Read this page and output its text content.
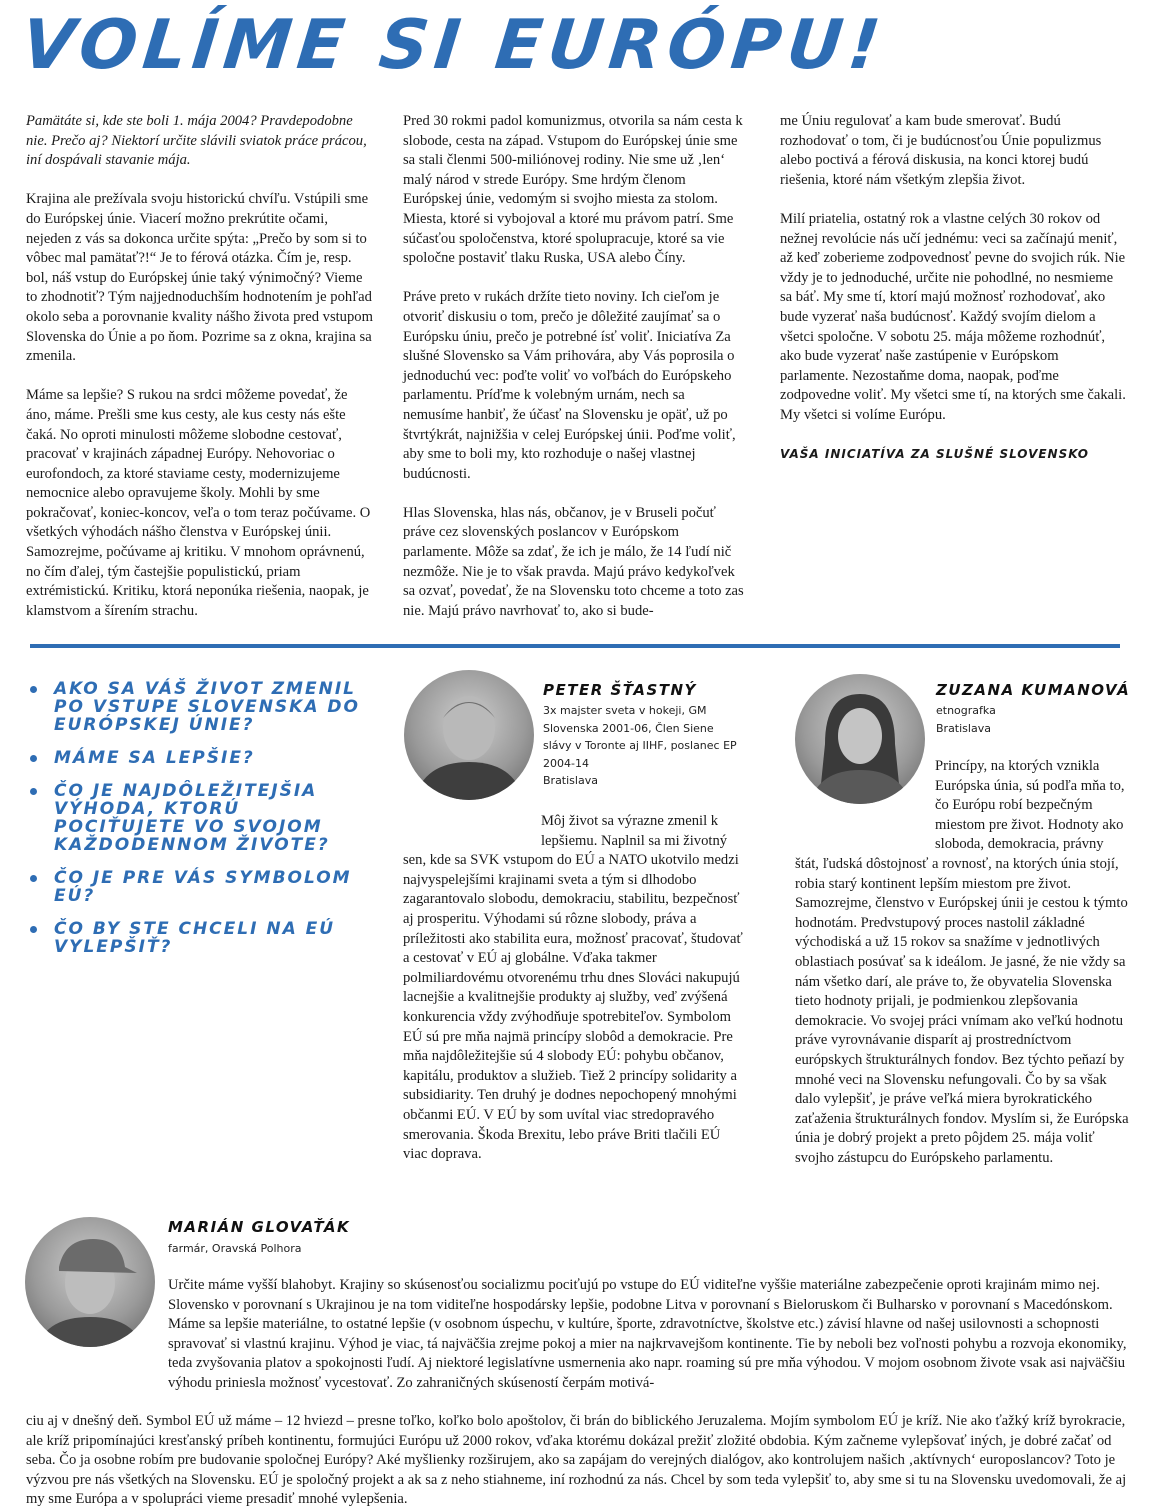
VOLÍME SI EURÓPU!

Pamätáte si, kde ste boli 1. mája 2004? Pravdepodobne nie. Prečo aj? Niektorí určite slávili sviatok práce prácou, iní dospávali stavanie mája.

Krajina ale prežívala svoju historickú chvíľu. Vstúpili sme do Európskej únie. Viacerí možno prekrútite očami, nejeden z vás sa dokonca určite spýta: „Prečo by som si to vôbec mal pamätať?!“ Je to férová otázka. Čím je, resp. bol, náš vstup do Európskej únie taký výnimočný? Vieme to zhodnotiť? Tým najjednoduchším hodnotením je pohľad okolo seba a porovnanie kvality nášho života pred vstupom Slovenska do Únie a po ňom. Pozrime sa z okna, krajina sa zmenila.

Máme sa lepšie? S rukou na srdci môžeme povedať, že áno, máme. Prešli sme kus cesty, ale kus cesty nás ešte čaká. No oproti minulosti môžeme slobodne cestovať, pracovať v krajinách západnej Európy. Nehovoriac o eurofondoch, za ktoré staviame cesty, modernizujeme nemocnice alebo opravujeme školy. Mohli by sme pokračovať, koniec-koncov, veľa o tom teraz počúvame. O všetkých výhodách nášho členstva v Európskej únii. Samozrejme, počúvame aj kritiku. V mnohom oprávnenú, no čím ďalej, tým častejšie populistickú, priam extrémistickú. Kritiku, ktorá neponúka riešenia, naopak, je klamstvom a šírením strachu.

Pred 30 rokmi padol komunizmus, otvorila sa nám cesta k slobode, cesta na západ. Vstupom do Európskej únie sme sa stali členmi 500-miliónovej rodiny. Nie sme už ‚len‘ malý národ v strede Európy. Sme hrdým členom Európskej únie, vedomým si svojho miesta za stolom. Miesta, ktoré si vybojoval a ktoré mu právom patrí. Sme súčasťou spoločenstva, ktoré spolupracuje, ktoré sa vie spoločne postaviť tlaku Ruska, USA alebo Číny.

Práve preto v rukách držíte tieto noviny. Ich cieľom je otvoriť diskusiu o tom, prečo je dôležité zaujímať sa o Európsku úniu, prečo je potrebné ísť voliť. Iniciatíva Za slušné Slovensko sa Vám prihovára, aby Vás poprosila o jednoduchú vec: poďte voliť vo voľbách do Európskeho parlamentu. Príďme k volebným urnám, nech sa nemusíme hanbiť, že účasť na Slovensku je opäť, už po štvrtýkrát, najnižšia v celej Európskej únii. Poďme voliť, aby sme to boli my, kto rozhoduje o našej vlastnej budúcnosti.

Hlas Slovenska, hlas nás, občanov, je v Bruseli počuť práve cez slovenských poslancov v Európskom parlamente. Môže sa zdať, že ich je málo, že 14 ľudí nič nezmôže. Nie je to však pravda. Majú právo kedykoľvek sa ozvať, povedať, že na Slovensku toto chceme a toto zas nie. Majú právo navrhovať to, ako si bude-

me Úniu regulovať a kam bude smerovať. Budú rozhodovať o tom, či je budúcnosťou Únie populizmus alebo poctivá a férová diskusia, na konci ktorej budú riešenia, ktoré nám všetkým zlepšia život.

Milí priatelia, ostatný rok a vlastne celých 30 rokov od nežnej revolúcie nás učí jednému: veci sa začínajú meniť, až keď zoberieme zodpovednosť pevne do svojich rúk. Nie vždy je to jednoduché, určite nie pohodlné, no nesmieme sa báť. My sme tí, ktorí majú možnosť rozhodovať, ako bude vyzerať naša budúcnosť. Každý svojím dielom a všetci spoločne. V sobotu 25. mája môžeme rozhodnúť, ako bude vyzerať naše zastúpenie v Európskom parlamente. Nezostaňme doma, naopak, poďme zodpovedne voliť. My všetci sme tí, na ktorých sme čakali. My všetci si volíme Európu.

VAŠA INICIATÍVA ZA SLUŠNÉ SLOVENSKO
AKO SA VÁŠ ŽIVOT ZMENIL PO VSTUPE SLOVENSKA DO EURÓPSKEJ ÚNIE?
MÁME SA LEPŠIE?
ČO JE NAJDÔLEŽITEJŠIA VÝHODA, KTORÚ POCIŤUJETE VO SVOJOM KAŽDODENNOM ŽIVOTE?
ČO JE PRE VÁS SYMBOLOM EÚ?
ČO BY STE CHCELI NA EÚ VYLEPŠIŤ?

PETER ŠŤASTNÝ

3x majster sveta v hokeji, GM

Slovenska 2001-06, Člen Siene

slávy v Toronte aj IIHF, poslanec EP

2004-14

Bratislava

Môj život sa výrazne zmenil k lepšiemu. Naplnil sa mi životný sen, kde sa SVK vstupom do EÚ a NATO ukotvilo medzi najvyspelejšími krajinami sveta a tým si dlhodobo zagarantovalo slobodu, demokraciu, stabilitu, bezpečnosť aj prosperitu. Výhodami sú rôzne slobody, práva a príležitosti ako stabilita eura, možnosť pracovať, študovať a cestovať v EÚ aj globálne. Vďaka takmer polmiliardovému otvorenému trhu dnes Slováci nakupujú lacnejšie a kvalitnejšie produkty aj služby, veď zvýšená konkurencia vždy zvýhodňuje spotrebiteľov. Symbolom EÚ sú pre mňa najmä princípy slobôd a demokracie. Pre mňa najdôležitejšie sú 4 slobody EÚ: pohybu občanov, kapitálu, produktov a služieb. Tiež 2 princípy solidarity a subsidiarity. Ten druhý je dodnes nepochopený mnohými občanmi EÚ. V EÚ by som uvítal viac stredopravého smerovania. Škoda Brexitu, lebo práve Briti tlačili EÚ viac doprava.

ZUZANA KUMANOVÁ

etnografka

Bratislava

Princípy, na ktorých vznikla Európska únia, sú podľa mňa to, čo Európu robí bezpečným miestom pre život. Hodnoty ako sloboda, demokracia, právny štát, ľudská dôstojnosť a rovnosť, na ktorých únia stojí, robia starý kontinent lepším miestom pre život. Samozrejme, členstvo v Európskej únii je cestou k týmto hodnotám. Predvstupový proces nastolil základné východiská a už 15 rokov sa snažíme v jednotlivých oblastiach posúvať sa k ideálom. Je jasné, že nie vždy sa nám všetko darí, ale práve to, že obyvatelia Slovenska tieto hodnoty prijali, je podmienkou zlepšovania demokracie. Vo svojej práci vnímam ako veľkú hodnotu práve vyrovnávanie disparít aj prostredníctvom európskych štrukturálnych fondov. Bez týchto peňazí by mnohé veci na Slovensku nefungovali. Čo by sa však dalo vylepšiť, je práve veľká miera byrokratického zaťaženia štrukturálnych fondov. Myslím si, že Európska únia je dobrý projekt a preto pôjdem 25. mája voliť svojho zástupcu do Európskeho parlamentu.

MARIÁN GLOVAŤÁK

farmár, Oravská Polhora

Určite máme vyšší blahobyt. Krajiny so skúsenosťou socializmu pociťujú po vstupe do EÚ viditeľne vyššie materiálne zabezpečenie oproti krajinám mimo nej. Slovensko v porovnaní s Ukrajinou je na tom viditeľne hospodársky lepšie, podobne Litva v porovnaní s Bieloruskom či Bulharsko v porovnaní s Macedónskom. Máme sa lepšie materiálne, to ostatné lepšie (v osobnom úspechu, v kultúre, športe, zdravotníctve, školstve etc.) závisí hlavne od našej usilovnosti a schopnosti spravovať si vlastnú krajinu. Výhod je viac, tá najväčšia zrejme pokoj a mier na najkrvavejšom kontinente. Tie by neboli bez voľnosti pohybu a rozvoja ekonomiky, teda zvyšovania platov a spokojnosti ľudí. Aj niektoré legislatívne usmernenia ako napr. roaming sú pre mňa výhodou. V mojom osobnom živote vsak asi najväčšiu výhodu priniesla možnosť vycestovať. Zo zahraničných skúseností čerpám motivá-
ciu aj v dnešný deň. Symbol EÚ už máme – 12 hviezd – presne toľko, koľko bolo apoštolov, či brán do biblického Jeruzalema. Mojím symbolom EÚ je kríž. Nie ako ťažký kríž byrokracie, ale kríž pripomínajúci kresťanský príbeh kontinentu, formujúci Európu už 2000 rokov, vďaka ktorému dokázal prežiť zložité obdobia. Kým začneme vylepšovať iných, je dobré začať od seba. Čo ja osobne robím pre budovanie spoločnej Európy? Aké myšlienky rozširujem, ako sa zapájam do verejných dialógov, ako kontrolujem našich ‚aktívnych‘ europoslancov? Toto je výzvou pre nás všetkých na Slovensku. EÚ je spoločný projekt a ak sa z neho stiahneme, iní rozhodnú za nás. Chcel by som teda vylepšiť to, aby sme si tu na Slovensku uvedomovali, že aj my sme Európa a v spolupráci vieme presadiť mnohé vylepšenia.
